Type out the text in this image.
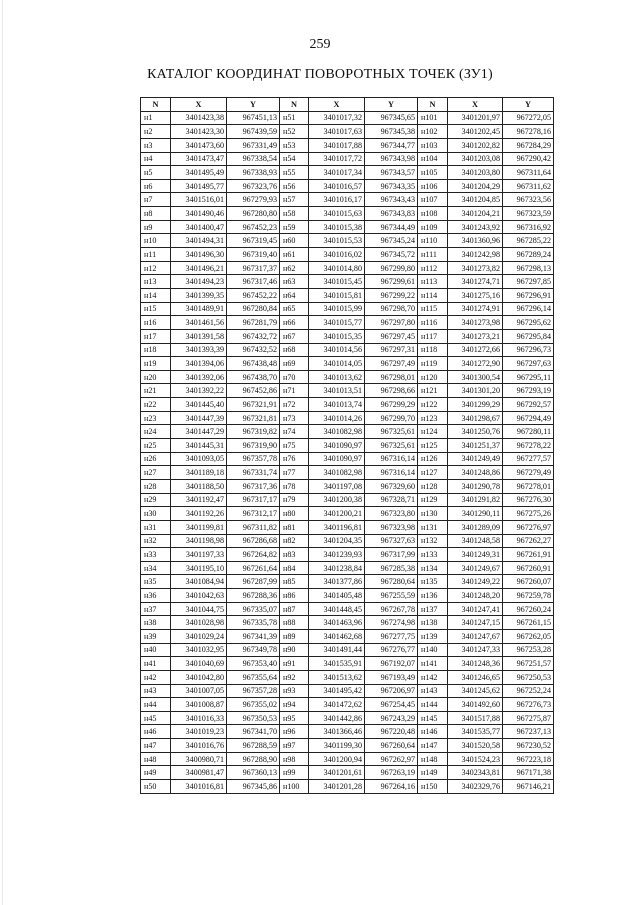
259
КАТАЛОГ КООРДИНАТ ПОВОРОТНЫХ ТОЧЕК (ЗУ1)
N	X	Y	N	X	Y	N	X	Y
н1	3401423,38	967451,13	н51	3401017,32	967345,65	н101	3401201,97	967272,05
н2	3401423,30	967439,59	н52	3401017,63	967345,38	н102	3401202,45	967278,16
н3	3401473,60	967331,49	н53	3401017,88	967344,77	н103	3401202,82	967284,29
н4	3401473,47	967338,54	н54	3401017,72	967343,98	н104	3401203,08	967290,42
н5	3401495,49	967338,93	н55	3401017,34	967343,57	н105	3401203,80	967311,64
н6	3401495,77	967323,76	н56	3401016,57	967343,35	н106	3401204,29	967311,62
н7	3401516,01	967279,93	н57	3401016,17	967343,43	н107	3401204,85	967323,56
н8	3401490,46	967280,80	н58	3401015,63	967343,83	н108	3401204,21	967323,59
н9	3401400,47	967452,23	н59	3401015,38	967344,49	н109	3401243,92	967316,92
н10	3401494,31	967319,45	н60	3401015,53	967345,24	н110	3401360,96	967285,22
н11	3401496,30	967319,40	н61	3401016,02	967345,72	н111	3401242,98	967289,24
н12	3401496,21	967317,37	н62	3401014,80	967299,80	н112	3401273,82	967298,13
н13	3401494,23	967317,46	н63	3401015,45	967299,61	н113	3401274,71	967297,85
н14	3401399,35	967452,22	н64	3401015,81	967299,22	н114	3401275,16	967296,91
н15	3401489,91	967280,84	н65	3401015,99	967298,70	н115	3401274,91	967296,14
н16	3401461,56	967281,79	н66	3401015,77	967297,80	н116	3401273,98	967295,62
н17	3401391,58	967432,72	н67	3401015,35	967297,45	н117	3401273,21	967295,84
н18	3401393,39	967432,52	н68	3401014,56	967297,31	н118	3401272,66	967296,73
н19	3401394,06	967438,48	н69	3401014,05	967297,49	н119	3401272,90	967297,63
н20	3401392,06	967438,70	н70	3401013,62	967298,01	н120	3401300,54	967295,11
н21	3401392,22	967452,86	н71	3401013,51	967298,66	н121	3401301,20	967293,19
н22	3401445,40	967321,91	н72	3401013,74	967299,29	н122	3401299,29	967292,57
н23	3401447,39	967321,81	н73	3401014,26	967299,70	н123	3401298,67	967294,49
н24	3401447,29	967319,82	н74	3401082,98	967325,61	н124	3401250,76	967280,11
н25	3401445,31	967319,90	н75	3401090,97	967325,61	н125	3401251,37	967278,22
н26	3401093,05	967357,78	н76	3401090,97	967316,14	н126	3401249,49	967277,57
н27	3401189,18	967331,74	н77	3401082,98	967316,14	н127	3401248,86	967279,49
н28	3401188,50	967317,36	н78	3401197,08	967329,60	н128	3401290,78	967278,01
н29	3401192,47	967317,17	н79	3401200,38	967328,71	н129	3401291,82	967276,30
н30	3401192,26	967312,17	н80	3401200,21	967323,80	н130	3401290,11	967275,26
н31	3401199,81	967311,82	н81	3401196,81	967323,98	н131	3401289,09	967276,97
н32	3401198,98	967286,68	н82	3401204,35	967327,63	н132	3401248,58	967262,27
н33	3401197,33	967264,82	н83	3401239,93	967317,99	н133	3401249,31	967261,91
н34	3401195,10	967261,64	н84	3401238,84	967285,38	н134	3401249,67	967260,91
н35	3401084,94	967287,99	н85	3401377,86	967280,64	н135	3401249,22	967260,07
н36	3401042,63	967288,36	н86	3401405,48	967255,59	н136	3401248,20	967259,78
н37	3401044,75	967335,07	н87	3401448,45	967267,78	н137	3401247,41	967260,24
н38	3401028,98	967335,78	н88	3401463,96	967274,98	н138	3401247,15	967261,15
н39	3401029,24	967341,39	н89	3401462,68	967277,75	н139	3401247,67	967262,05
н40	3401032,95	967349,78	н90	3401491,44	967276,77	н140	3401247,33	967253,28
н41	3401040,69	967353,40	н91	3401535,91	967192,07	н141	3401248,36	967251,57
н42	3401042,80	967355,64	н92	3401513,62	967193,49	н142	3401246,65	967250,53
н43	3401007,05	967357,28	н93	3401495,42	967206,97	н143	3401245,62	967252,24
н44	3401008,87	967355,02	н94	3401472,62	967254,45	н144	3401492,60	967276,73
н45	3401016,33	967350,53	н95	3401442,86	967243,29	н145	3401517,88	967275,87
н46	3401019,23	967341,70	н96	3401366,46	967220,48	н146	3401535,77	967237,13
н47	3401016,76	967288,59	н97	3401199,30	967260,64	н147	3401520,58	967230,52
н48	3400980,71	967288,90	н98	3401200,94	967262,97	н148	3401524,23	967223,18
н49	3400981,47	967360,13	н99	3401201,61	967263,19	н149	3402343,81	967171,38
н50	3401016,81	967345,86	н100	3401201,28	967264,16	н150	3402329,76	967146,21
